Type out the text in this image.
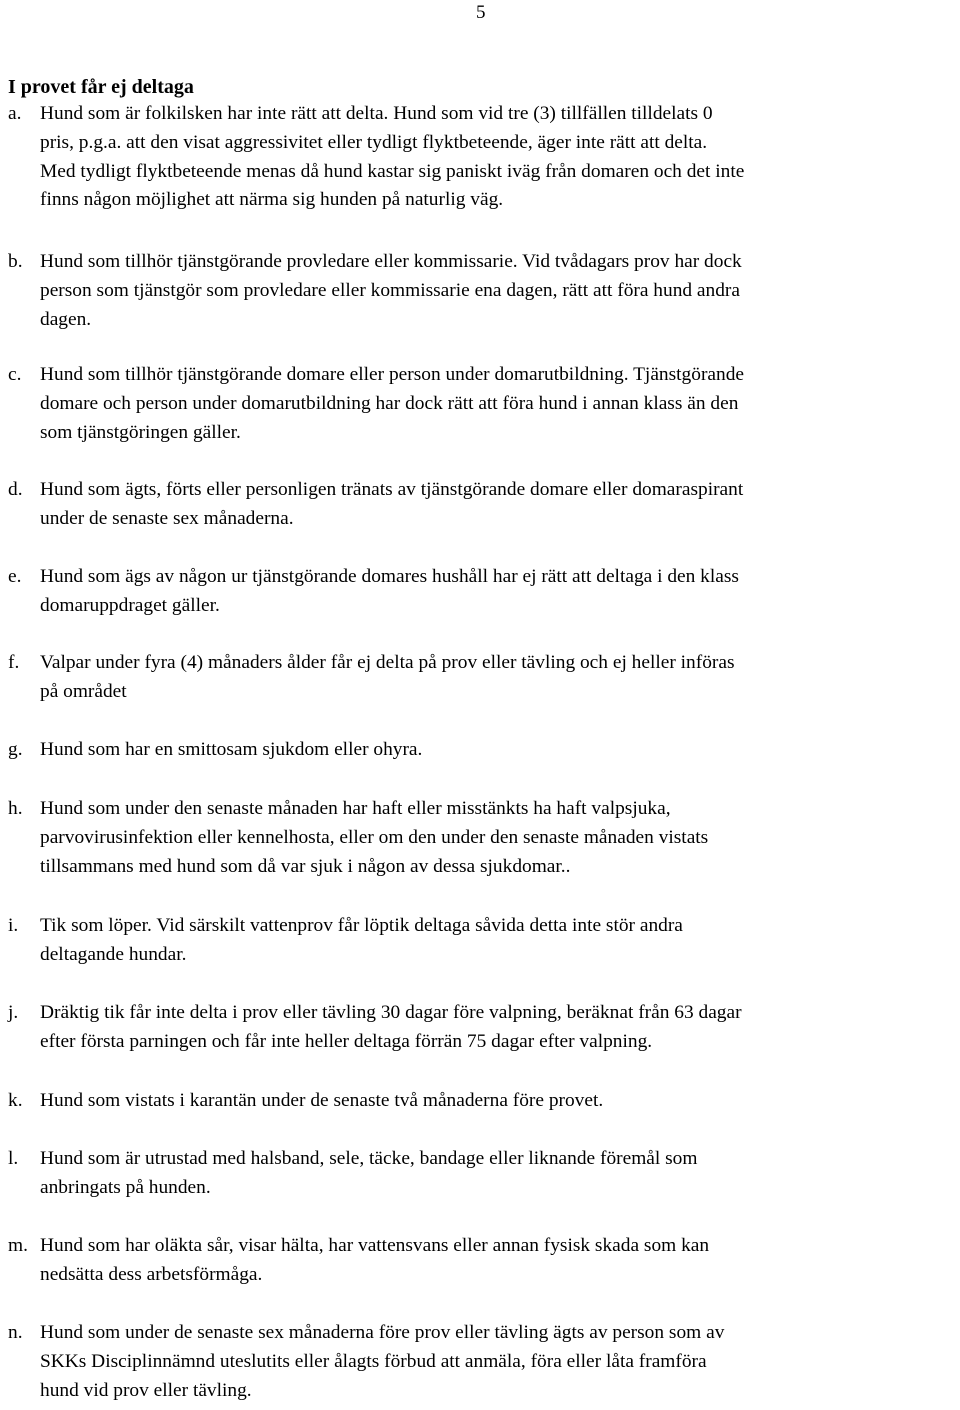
5
I provet får ej deltaga
a. Hund som är folkilsken har inte rätt att delta. Hund som vid tre (3) tillfällen tilldelats 0
pris, p.g.a. att den visat aggressivitet eller tydligt flyktbeteende, äger inte rätt att delta.
Med tydligt flyktbeteende menas då hund kastar sig paniskt iväg från domaren och det inte
finns någon möjlighet att närma sig hunden på naturlig väg.
b. Hund som tillhör tjänstgörande provledare eller kommissarie. Vid tvådagars prov har dock
person som tjänstgör som provledare eller kommissarie ena dagen, rätt att föra hund andra
dagen.
c. Hund som tillhör tjänstgörande domare eller person under domarutbildning. Tjänstgörande
domare och person under domarutbildning har dock rätt att föra hund i annan klass än den
som tjänstgöringen gäller.
d. Hund som ägts, förts eller personligen tränats av tjänstgörande domare eller domaraspirant
under de senaste sex månaderna.
e. Hund som ägs av någon ur tjänstgörande domares hushåll har ej rätt att deltaga i den klass
domaruppdraget gäller.
f. Valpar under fyra (4) månaders ålder får ej delta på prov eller tävling och ej heller införas
på området
g. Hund som har en smittosam sjukdom eller ohyra.
h. Hund som under den senaste månaden har haft eller misstänkts ha haft valpsjuka,
parvovirusinfektion eller kennelhosta, eller om den under den senaste månaden vistats
tillsammans med hund som då var sjuk i någon av dessa sjukdomar..
i. Tik som löper. Vid särskilt vattenprov får löptik deltaga såvida detta inte stör andra
deltagande hundar.
j. Dräktig tik får inte delta i prov eller tävling 30 dagar före valpning, beräknat från 63 dagar
efter första parningen och får inte heller deltaga förrän 75 dagar efter valpning.
k. Hund som vistats i karantän under de senaste två månaderna före provet.
l. Hund som är utrustad med halsband, sele, täcke, bandage eller liknande föremål som
anbringats på hunden.
m. Hund som har oläkta sår, visar hälta, har vattensvans eller annan fysisk skada som kan
nedsätta dess arbetsförmåga.
n. Hund som under de senaste sex månaderna före prov eller tävling ägts av person som av
SKKs Disciplinnämnd uteslutits eller ålagts förbud att anmäla, föra eller låta framföra
hund vid prov eller tävling.
